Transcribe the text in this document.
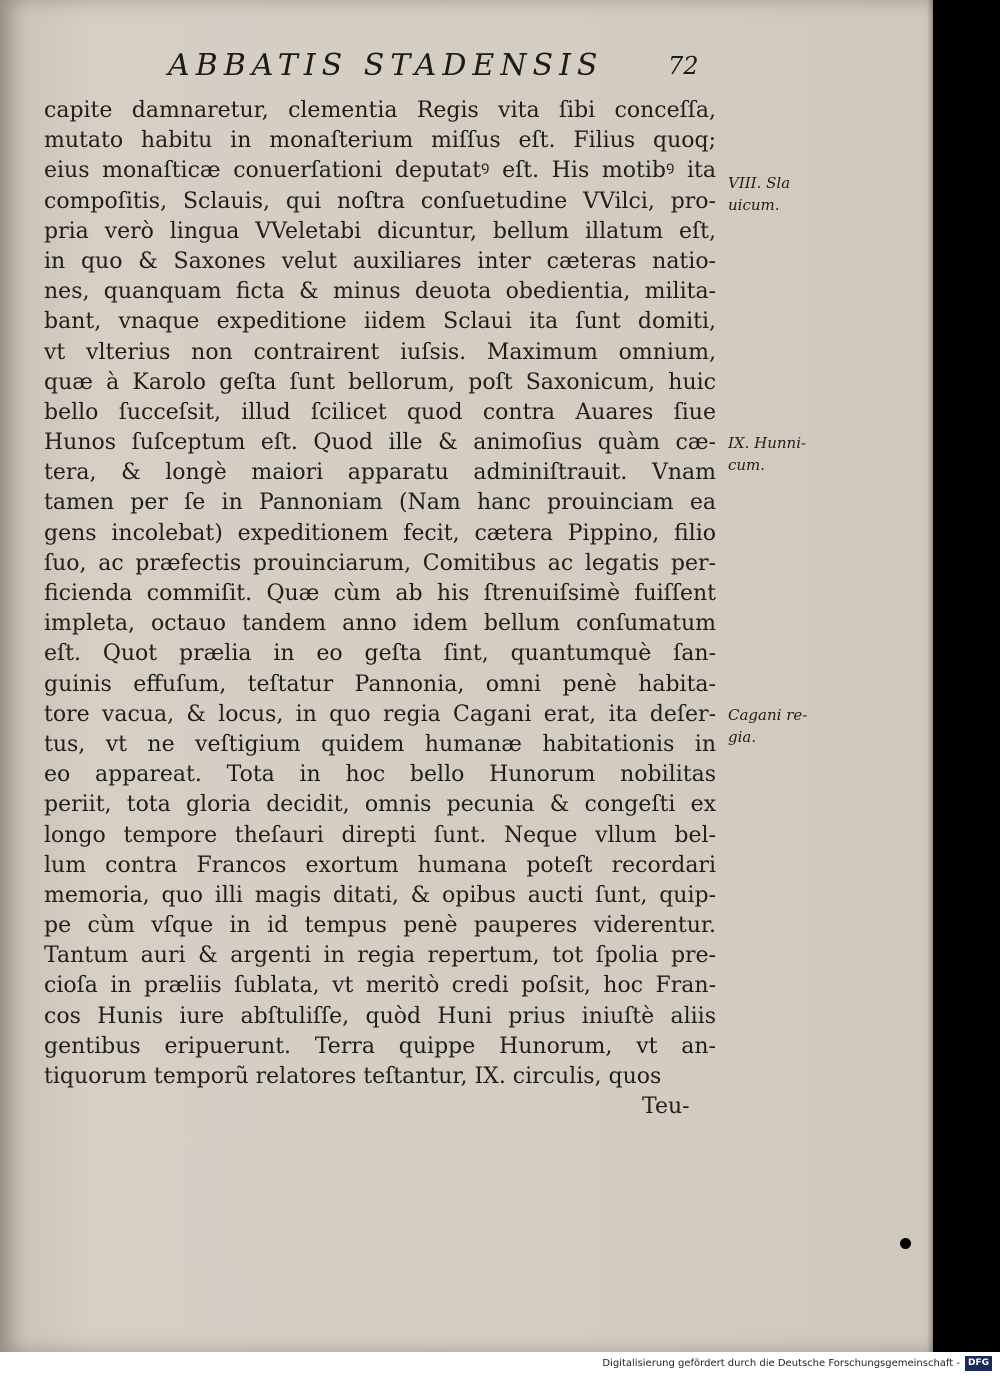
ABBATIS STADENSIS	72
capite damnaretur, clementia Regis vita ſibi conceſſa,
mutato habitu in monaſterium miſſus eſt. Filius quoq;
eius monaſticæ conuerſationi deputatꝰ eſt. His motibꝰ ita
compoſitis, Sclauis, qui noſtra conſuetudine VVilci, pro-
pria verò lingua VVeletabi dicuntur, bellum illatum eſt,
in quo & Saxones velut auxiliares inter cæteras natio-
nes, quanquam ficta & minus deuota obedientia, milita-
bant, vnaque expeditione iidem Sclaui ita ſunt domiti,
vt vlterius non contrairent iuſsis. Maximum omnium,
quæ à Karolo geſta ſunt bellorum, poſt Saxonicum, huic
bello ſucceſsit, illud ſcilicet quod contra Auares ſiue
Hunos ſuſceptum eſt. Quod ille & animoſius quàm cæ-
tera, & longè maiori apparatu adminiſtrauit. Vnam
tamen per ſe in Pannoniam (Nam hanc prouinciam ea
gens incolebat) expeditionem fecit, cætera Pippino, filio
ſuo, ac præfectis prouinciarum, Comitibus ac legatis per-
ficienda commiſit. Quæ cùm ab his ſtrenuiſsimè fuiſſent
impleta, octauo tandem anno idem bellum conſumatum
eſt. Quot prælia in eo geſta ſint, quantumquè ſan-
guinis effuſum, teſtatur Pannonia, omni penè habita-
tore vacua, & locus, in quo regia Cagani erat, ita deſer-
tus, vt ne veſtigium quidem humanæ habitationis in
eo appareat. Tota in hoc bello Hunorum nobilitas
periit, tota gloria decidit, omnis pecunia & congeſti ex
longo tempore theſauri direpti ſunt. Neque vllum bel-
lum contra Francos exortum humana poteſt recordari
memoria, quo illi magis ditati, & opibus aucti ſunt, quip-
pe cùm vſque in id tempus penè pauperes viderentur.
Tantum auri & argenti in regia repertum, tot ſpolia pre-
cioſa in præliis ſublata, vt meritò credi poſsit, hoc Fran-
cos Hunis iure abſtuliſſe, quòd Huni prius iniuſtè aliis
gentibus eripuerunt. Terra quippe Hunorum, vt an-
tiquorum temporũ relatores teſtantur, IX. circulis, quos
VIII. Sla
uicum.
IX. Hunni-
cum.
Cagani re-
gia.
Teu-
Digitalisierung gefördert durch die Deutsche Forschungsgemeinschaft - DFG
